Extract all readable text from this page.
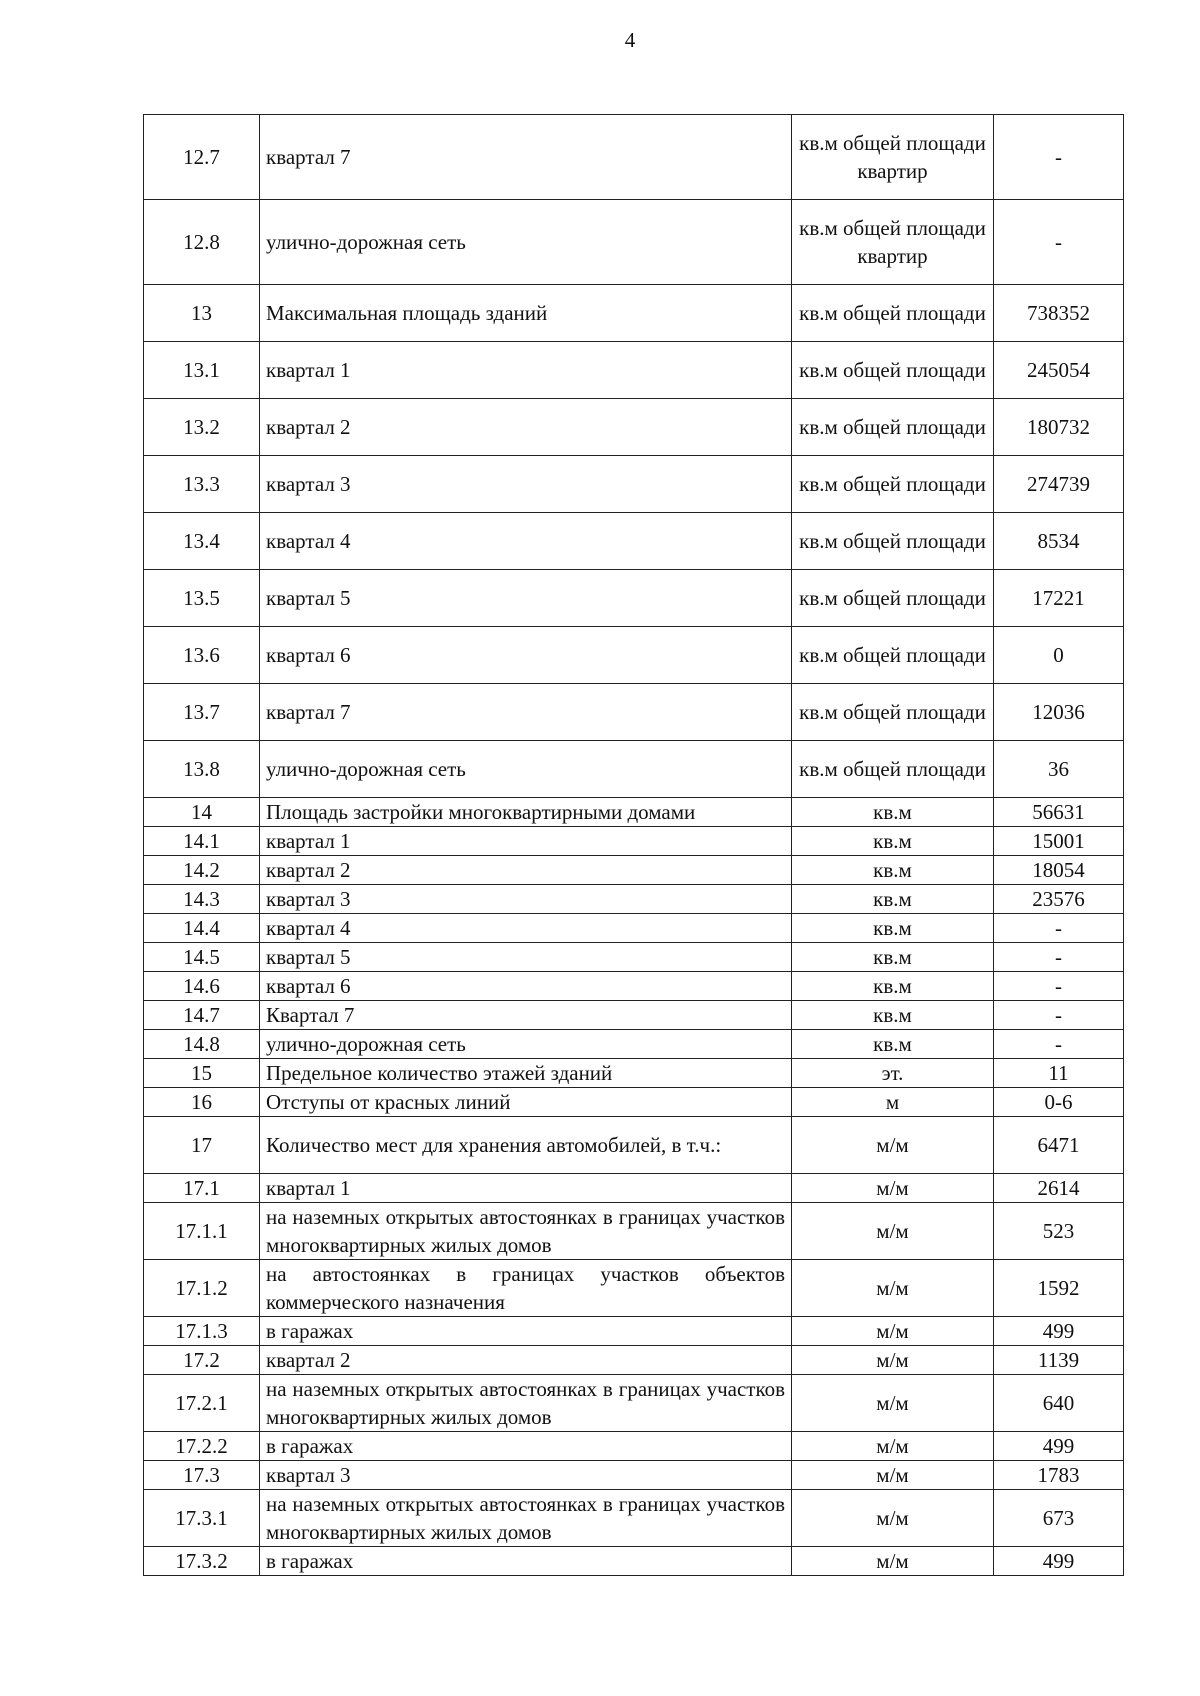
4
12.7	квартал 7	кв.м общей площади квартир	-
12.8	улично-дорожная сеть	кв.м общей площади квартир	-
13	Максимальная площадь зданий	кв.м общей площади	738352
13.1	квартал 1	кв.м общей площади	245054
13.2	квартал 2	кв.м общей площади	180732
13.3	квартал 3	кв.м общей площади	274739
13.4	квартал 4	кв.м общей площади	8534
13.5	квартал 5	кв.м общей площади	17221
13.6	квартал 6	кв.м общей площади	0
13.7	квартал 7	кв.м общей площади	12036
13.8	улично-дорожная сеть	кв.м общей площади	36
14	Площадь застройки многоквартирными домами	кв.м	56631
14.1	квартал 1	кв.м	15001
14.2	квартал 2	кв.м	18054
14.3	квартал 3	кв.м	23576
14.4	квартал 4	кв.м	-
14.5	квартал 5	кв.м	-
14.6	квартал 6	кв.м	-
14.7	Квартал 7	кв.м	-
14.8	улично-дорожная сеть	кв.м	-
15	Предельное количество этажей зданий	эт.	11
16	Отступы от красных линий	м	0-6
17	Количество мест для хранения автомобилей, в т.ч.:	м/м	6471
17.1	квартал 1	м/м	2614
17.1.1	на наземных открытых автостоянках в границах участков многоквартирных жилых домов	м/м	523
17.1.2	на автостоянках в границах участков объектов коммерческого назначения	м/м	1592
17.1.3	в гаражах	м/м	499
17.2	квартал 2	м/м	1139
17.2.1	на наземных открытых автостоянках в границах участков многоквартирных жилых домов	м/м	640
17.2.2	в гаражах	м/м	499
17.3	квартал 3	м/м	1783
17.3.1	на наземных открытых автостоянках в границах участков многоквартирных жилых домов	м/м	673
17.3.2	в гаражах	м/м	499
